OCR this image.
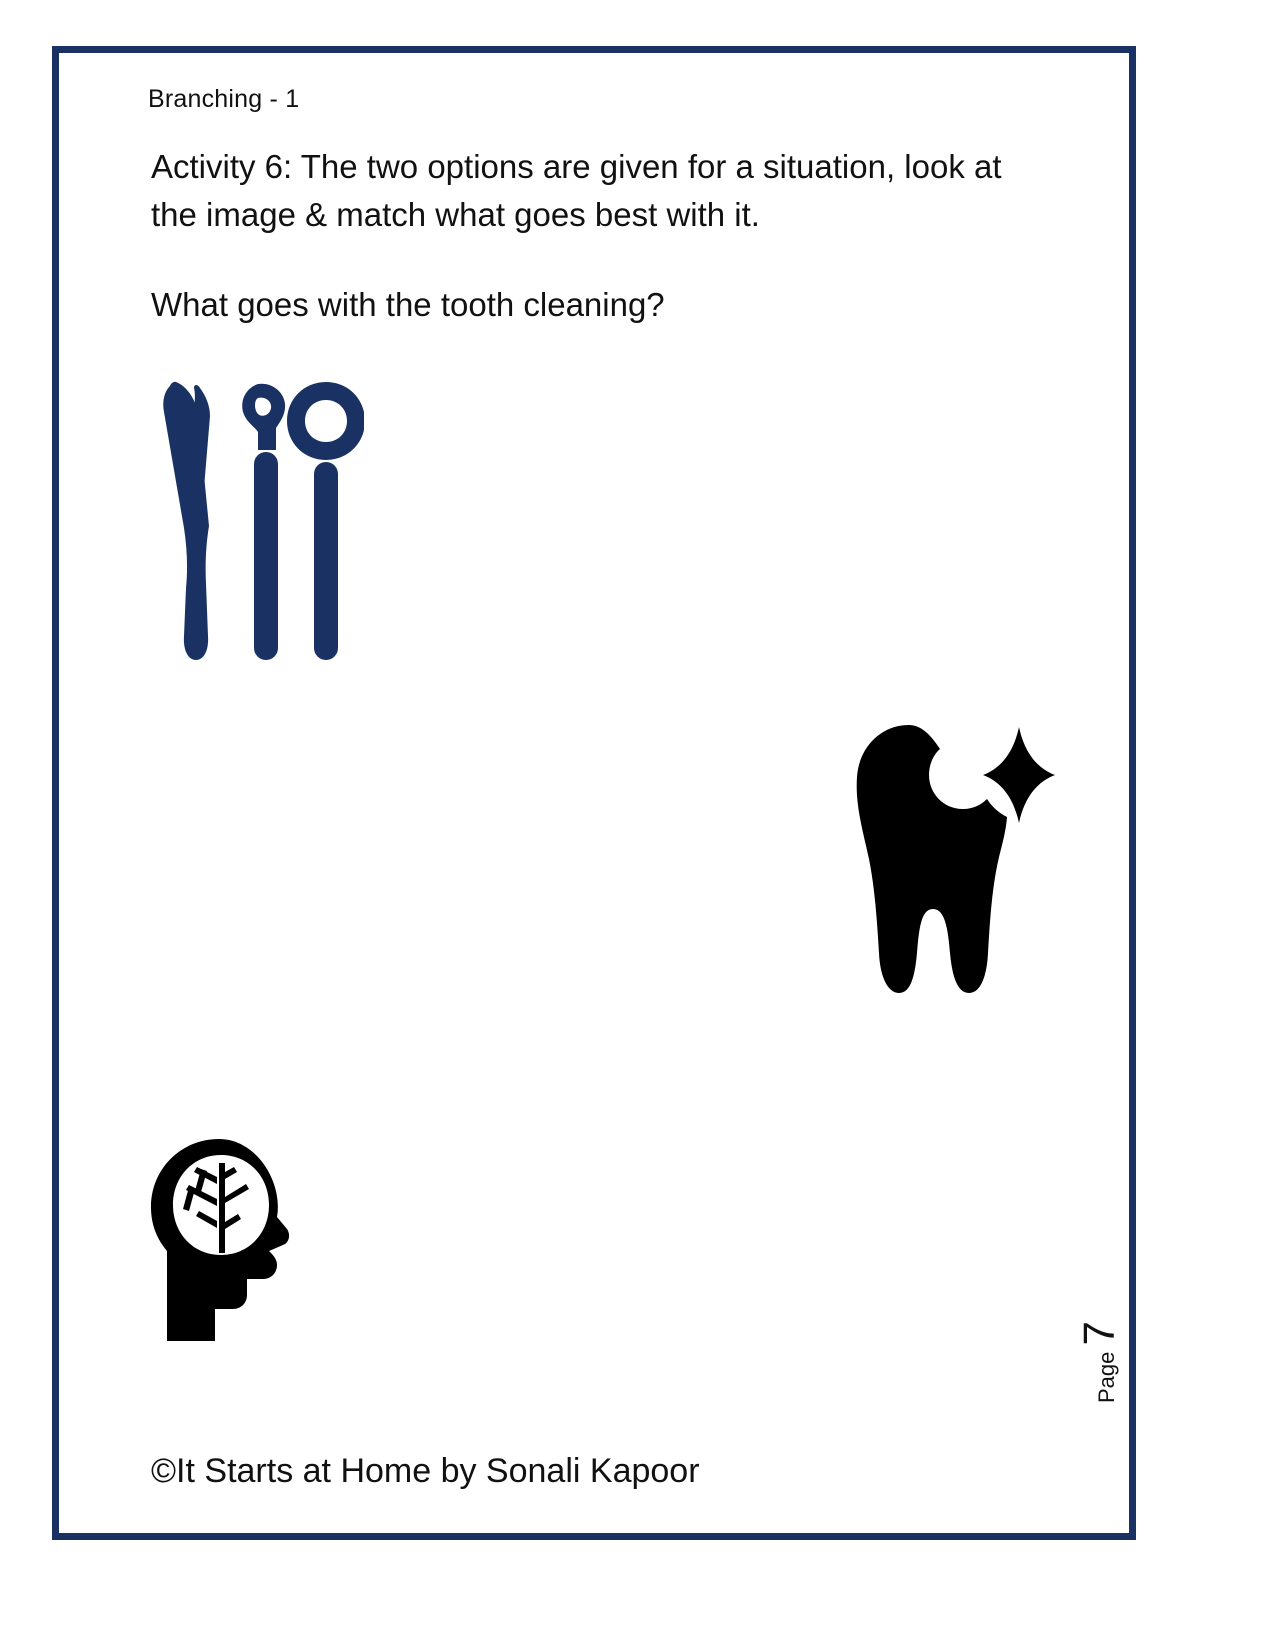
Branching - 1
Activity 6: The two options are given for a situation, look at the image & match what goes best with it.
What goes with the tooth cleaning?
Page 7
©It Starts at Home by Sonali Kapoor
